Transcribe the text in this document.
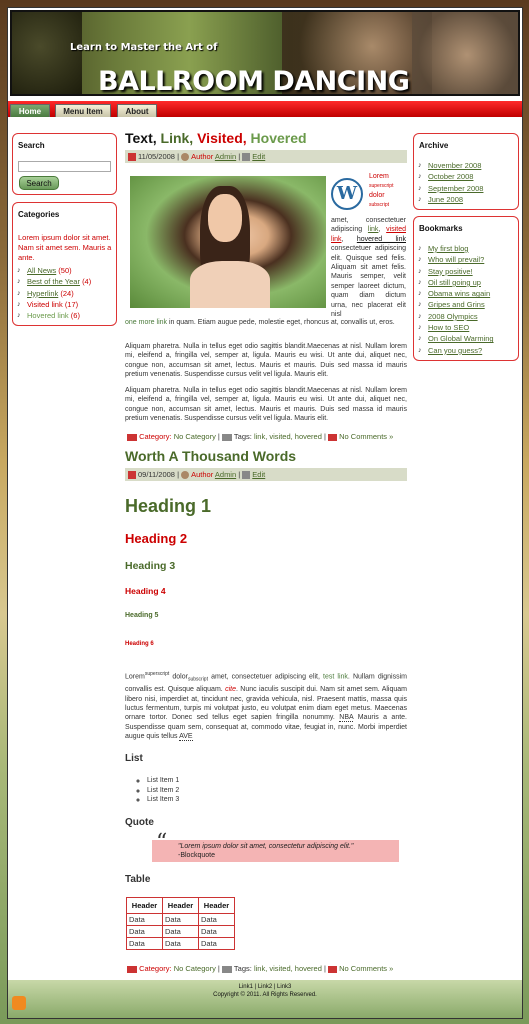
Learn to Master the Art of
BALLROOM DANCING
Home	Menu Item	About
Search
Search
Categories
Lorem ipsum dolor sit amet. Nam sit amet sem. Mauris a ante.
♪ All News (50)
♪ Best of the Year (4)
♪ Hyperlink (24)
♪ Visited link (17)
♪ Hovered link (6)
Archive
♪ November 2008
♪ October 2008
♪ September 2008
♪ June 2008
Bookmarks
♪ My first blog
♪ Who will prevail?
♪ Stay positive!
♪ Oil still going up
♪ Obama wins again
♪ Gripes and Grins
♪ 2008 Olympics
♪ How to SEO
♪ On Global Warming
♪ Can you guess?
Text, Link, Visited, Hovered
11/05/2008 | Author Admin | Edit
W
Lorem
superscript
dolor
subscript
amet, consectetuer adipiscing link, visited link, hovered link consectetuer adipiscing elit. Quisque sed felis. Aliquam sit amet felis. Mauris semper, velit semper laoreet dictum, quam diam dictum urna, nec placerat elit nisl
one more link in quam. Etiam augue pede, molestie eget, rhoncus at, convallis ut, eros.
Aliquam pharetra. Nulla in tellus eget odio sagittis blandit.Maecenas at nisl. Nullam lorem mi, eleifend a, fringilla vel, semper at, ligula. Mauris eu wisi. Ut ante dui, aliquet nec, congue non, accumsan sit amet, lectus. Mauris et mauris. Duis sed massa id mauris pretium venenatis. Suspendisse cursus velit vel ligula. Mauris elit.
Aliquam pharetra. Nulla in tellus eget odio sagittis blandit.Maecenas at nisl. Nullam lorem mi, eleifend a, fringilla vel, semper at, ligula. Mauris eu wisi. Ut ante dui, aliquet nec, congue non, accumsan sit amet, lectus. Mauris et mauris. Duis sed massa id mauris pretium venenatis. Suspendisse cursus velit vel ligula. Mauris elit.
Category: No Category |  Tags: link, visited, hovered |  No Comments »
Worth A Thousand Words
09/11/2008 | Author Admin | Edit
Heading 1
Heading 2
Heading 3
Heading 4
Heading 5
Heading 6
Lorem$^{superscript}$ dolor$_{subscript}$ amet, consectetuer adipiscing elit, test link. Nullam dignissim convallis est. Quisque aliquam. cite. Nunc iaculis suscipit dui. Nam sit amet sem. Aliquam libero nisi, imperdiet at, tincidunt nec, gravida vehicula, nisl. Praesent mattis, massa quis luctus fermentum, turpis mi volutpat justo, eu volutpat enim diam eget metus. Maecenas ornare tortor. Donec sed tellus eget sapien fringilla nonummy. NBA Mauris a ante. Suspendisse quam sem, consequat at, commodo vitae, feugiat in, nunc. Morbi imperdiet augue quis tellus AVE
List
◦ List Item 1
◦ List Item 2
◦ List Item 3
Quote
“ "Lorem ipsum dolor sit amet, consectetur adipiscing elit."
-Blockquote
Table
Header	Header	Header
Data	Data	Data
Data	Data	Data
Data	Data	Data
Category: No Category |  Tags: link, visited, hovered |  No Comments »
Link1 | Link2 | Link3
Copyright © 2011. All Rights Reserved.
